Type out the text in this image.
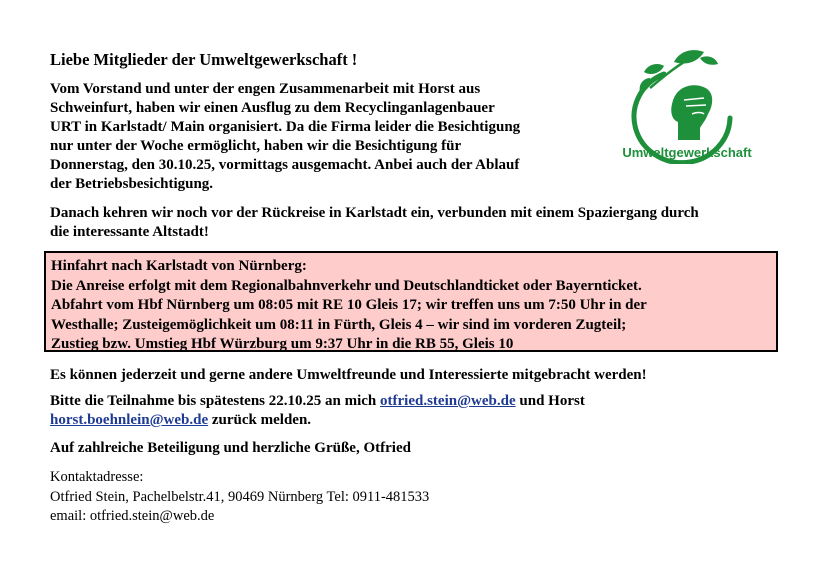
Liebe Mitglieder der Umweltgewerkschaft !
Vom Vorstand und unter der engen Zusammenarbeit mit Horst aus
Schweinfurt, haben wir einen Ausflug zu dem Recyclinganlagenbauer
URT in Karlstadt/ Main organisiert. Da die Firma leider die Besichtigung
nur unter der Woche ermöglicht, haben wir die Besichtigung für
Donnerstag, den 30.10.25, vormittags ausgemacht. Anbei auch der Ablauf
der Betriebsbesichtigung.
Danach kehren wir noch vor der Rückreise in Karlstadt ein, verbunden mit einem Spaziergang durch
die interessante Altstadt!
Hinfahrt nach Karlstadt von Nürnberg:
Die Anreise erfolgt mit dem Regionalbahnverkehr und Deutschlandticket oder Bayernticket.
Abfahrt vom Hbf Nürnberg um 08:05 mit RE 10 Gleis 17; wir treffen uns um 7:50 Uhr in der
Westhalle; Zusteigemöglichkeit um 08:11 in Fürth, Gleis 4 – wir sind im vorderen Zugteil;
Zustieg bzw. Umstieg Hbf Würzburg um 9:37 Uhr in die RB 55, Gleis 10
Es können jederzeit und gerne andere Umweltfreunde und Interessierte mitgebracht werden!
Bitte die Teilnahme bis spätestens 22.10.25 an mich otfried.stein@web.de und Horst
horst.boehnlein@web.de zurück melden.
Auf zahlreiche Beteiligung und herzliche Grüße, Otfried
Kontaktadresse:
Otfried Stein, Pachelbelstr.41, 90469 Nürnberg Tel: 0911-481533
email: otfried.stein@web.de
Umweltgewerkschaft
